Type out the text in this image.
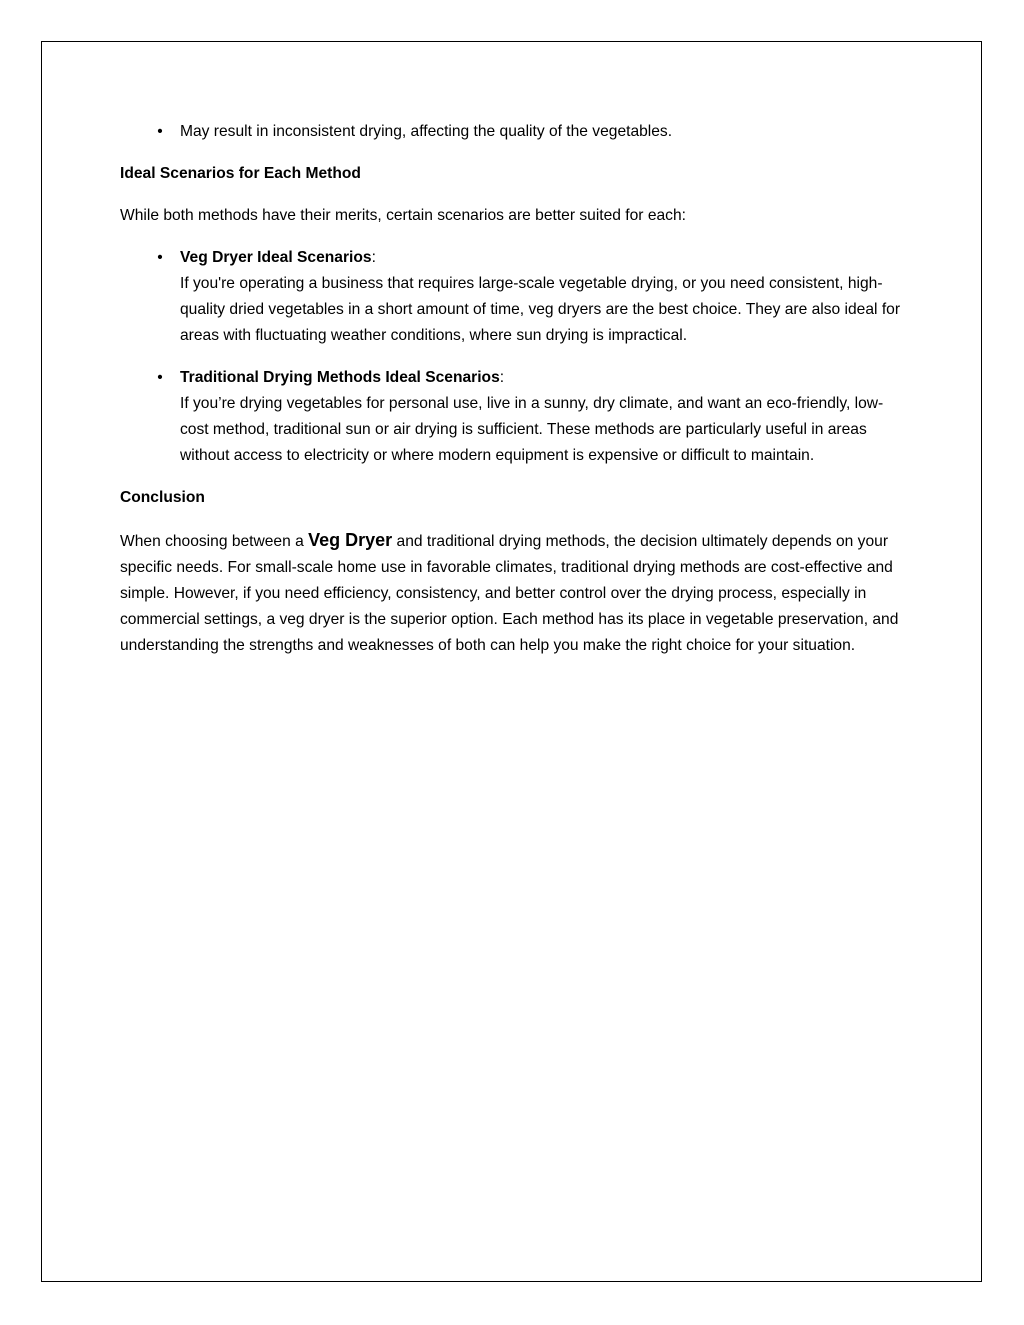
•	May result in inconsistent drying, affecting the quality of the vegetables.
Ideal Scenarios for Each Method
While both methods have their merits, certain scenarios are better suited for each:
•	Veg Dryer Ideal Scenarios:
If you're operating a business that requires large-scale vegetable drying, or you need consistent, high-quality dried vegetables in a short amount of time, veg dryers are the best choice. They are also ideal for areas with fluctuating weather conditions, where sun drying is impractical.
•	Traditional Drying Methods Ideal Scenarios:
If you’re drying vegetables for personal use, live in a sunny, dry climate, and want an eco-friendly, low-cost method, traditional sun or air drying is sufficient. These methods are particularly useful in areas without access to electricity or where modern equipment is expensive or difficult to maintain.
Conclusion
When choosing between a Veg Dryer and traditional drying methods, the decision ultimately depends on your specific needs. For small-scale home use in favorable climates, traditional drying methods are cost-effective and simple. However, if you need efficiency, consistency, and better control over the drying process, especially in commercial settings, a veg dryer is the superior option. Each method has its place in vegetable preservation, and understanding the strengths and weaknesses of both can help you make the right choice for your situation.
